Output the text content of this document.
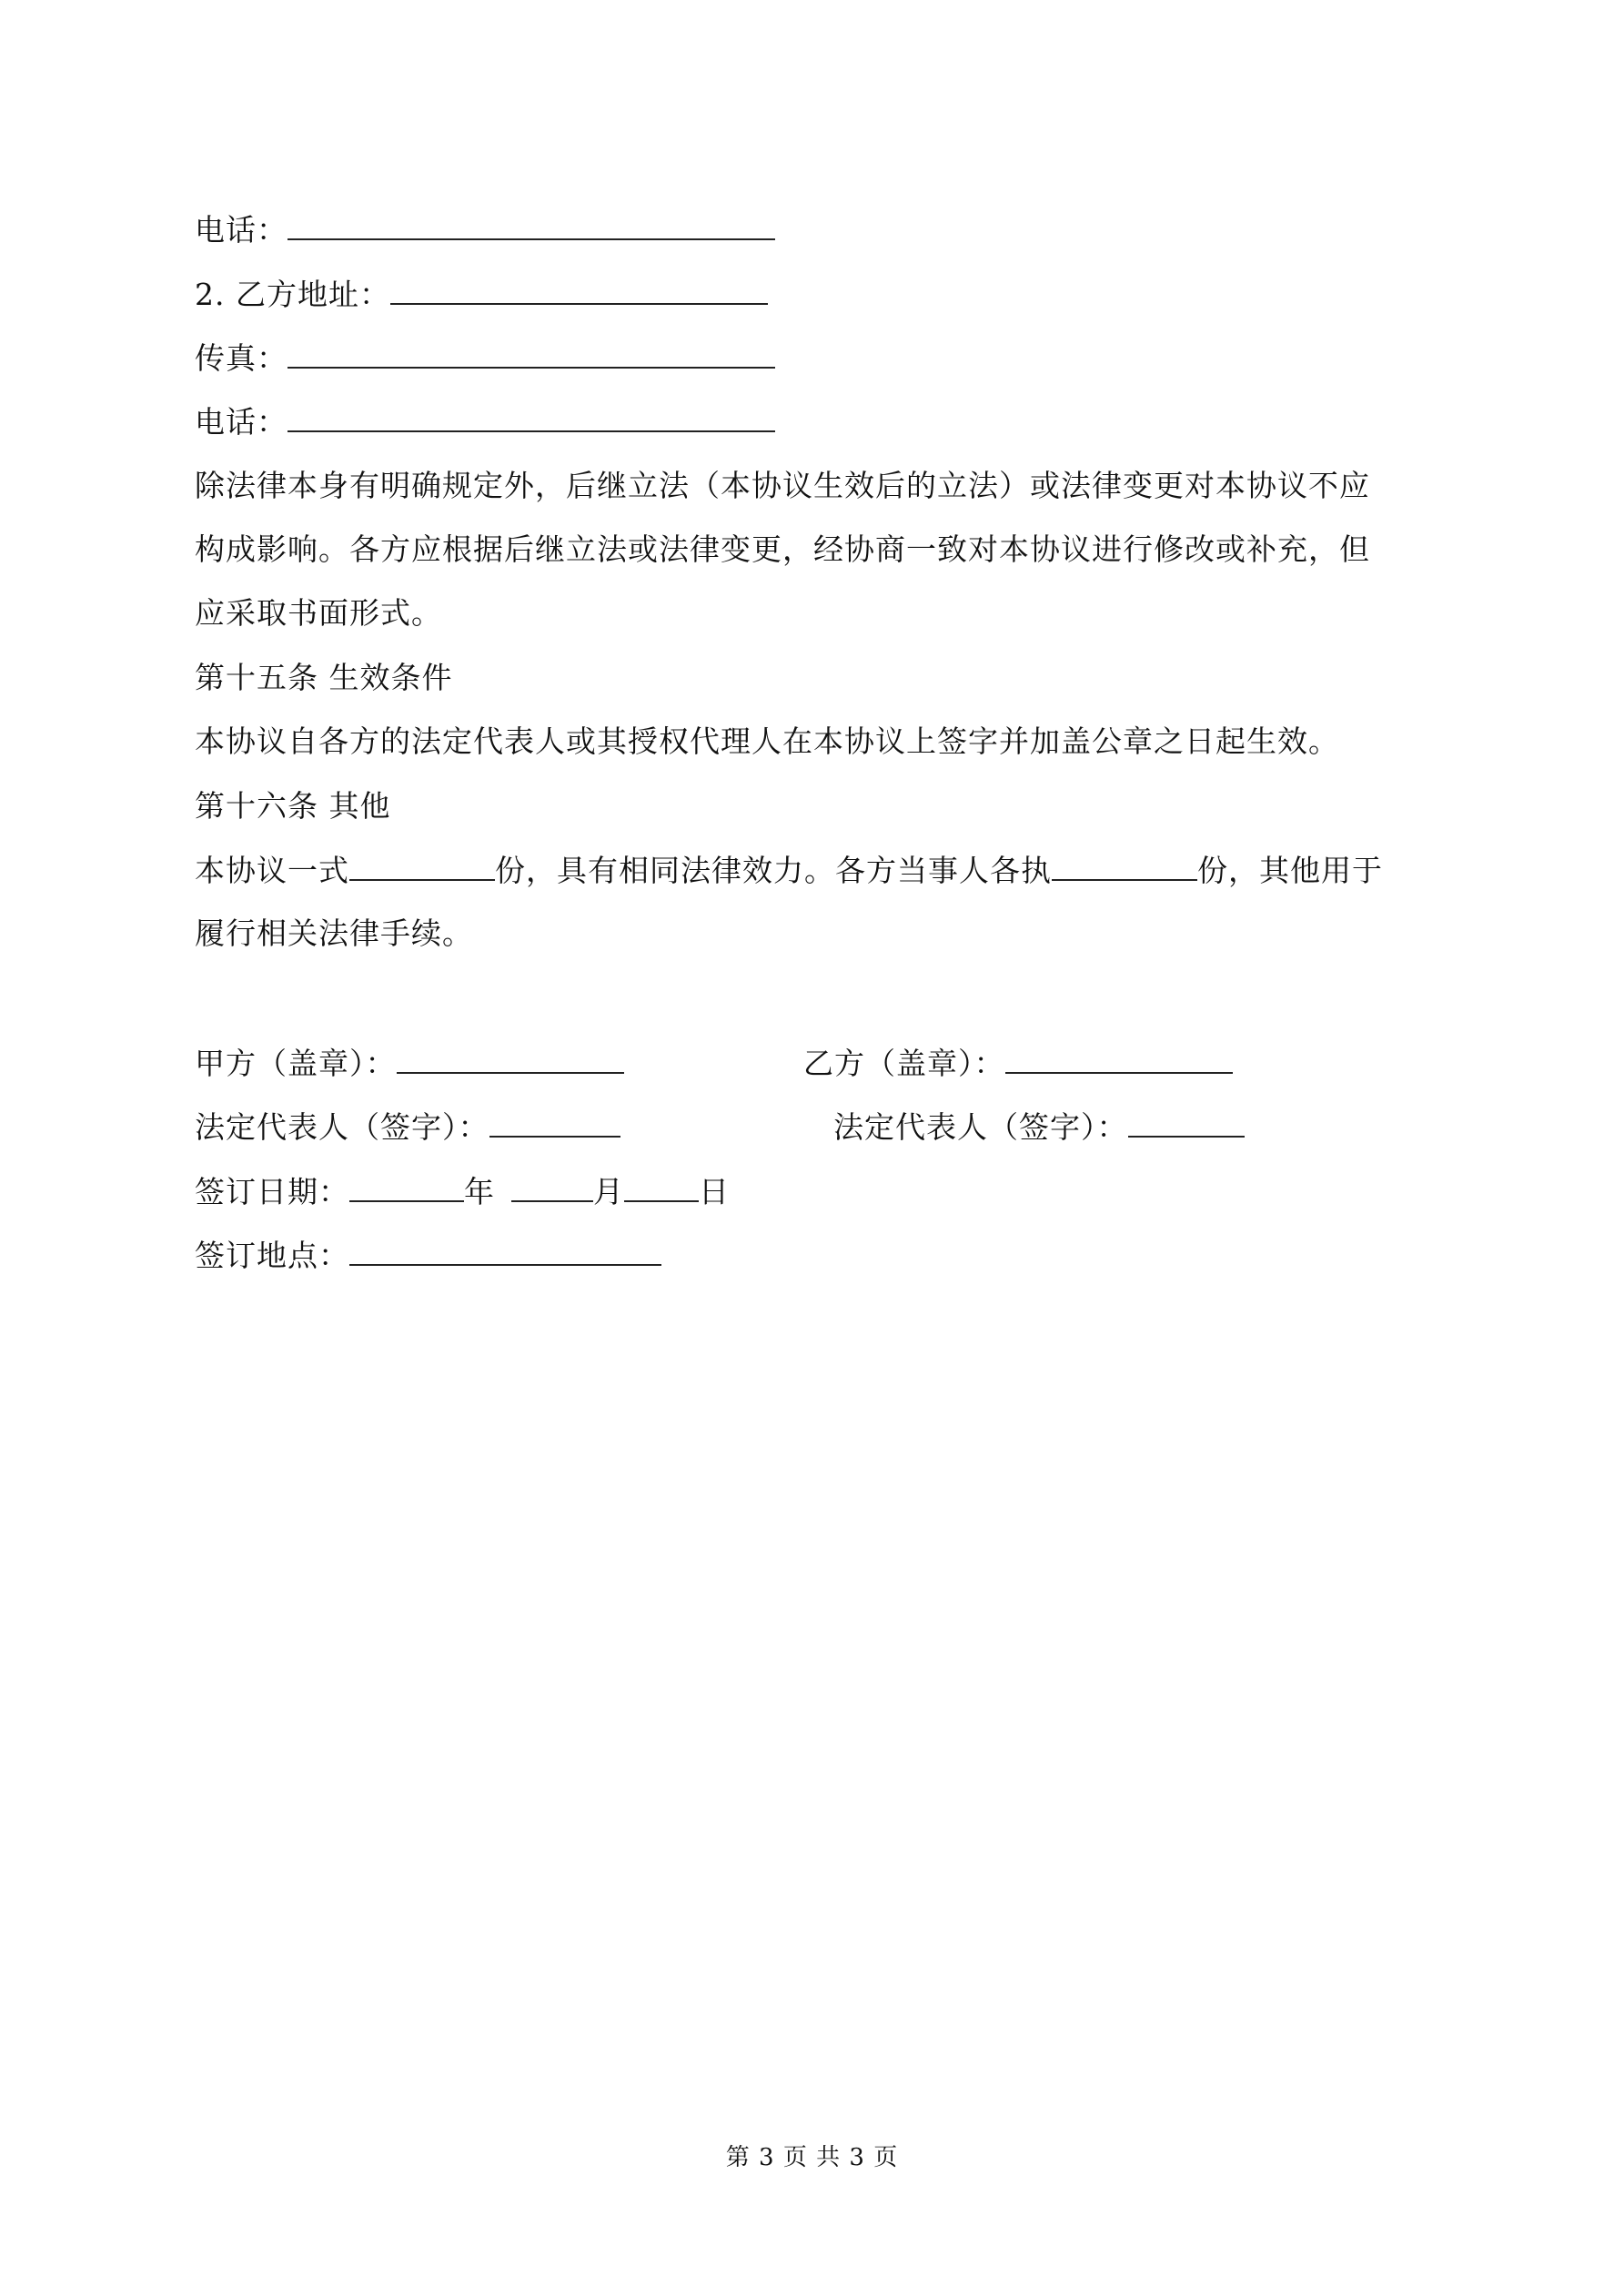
电话：
2. 乙方地址：
传真：
电话：
除法律本身有明确规定外，后继立法（本协议生效后的立法）或法律变更对本协议不应
构成影响。各方应根据后继立法或法律变更，经协商一致对本协议进行修改或补充，但
应采取书面形式。
第十五条 生效条件
本协议自各方的法定代表人或其授权代理人在本协议上签字并加盖公章之日起生效。
第十六条 其他
本协议一式	份，具有相同法律效力。各方当事人各执	份，其他用于
履行相关法律手续。
甲方（盖章）：	乙方（盖章）：
法定代表人（签字）：	法定代表人（签字）：
签订日期：	年	月 日
签订地点：
第 3 页 共 3 页
